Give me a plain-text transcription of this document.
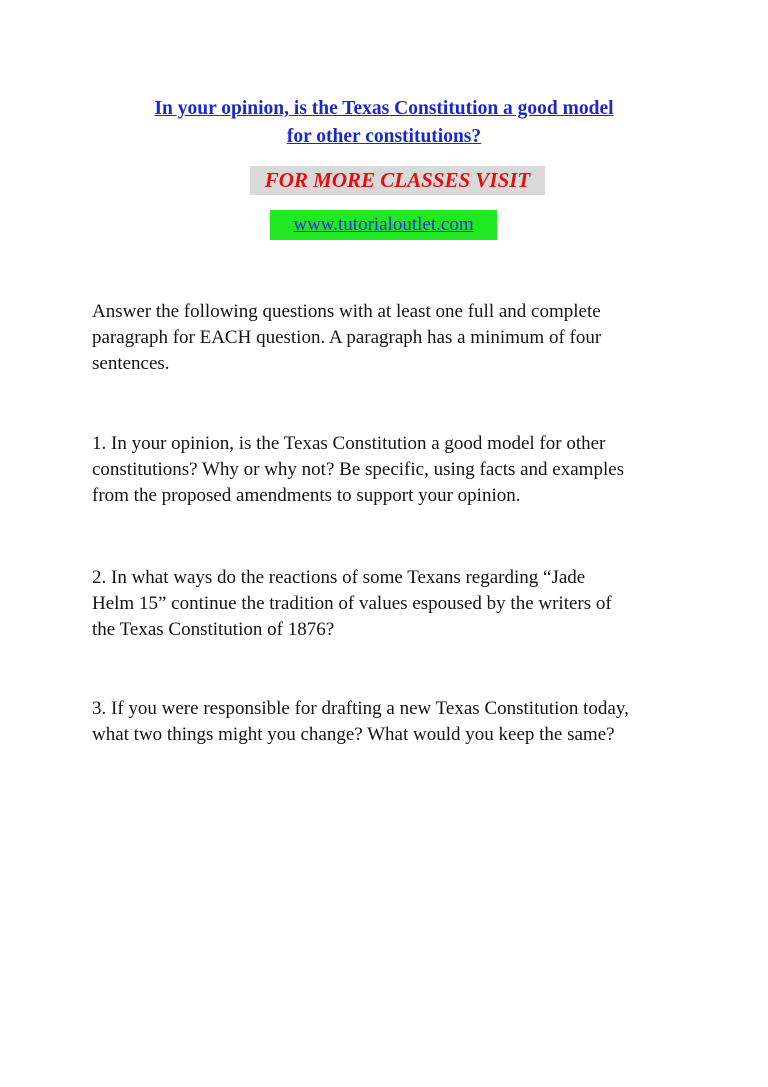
In your opinion, is the Texas Constitution a good model
for other constitutions?
FOR MORE CLASSES VISIT
www.tutorialoutlet.com

Answer the following questions with at least one full and complete
paragraph for EACH question. A paragraph has a minimum of four
sentences.

1. In your opinion, is the Texas Constitution a good model for other
constitutions? Why or why not? Be specific, using facts and examples
from the proposed amendments to support your opinion.

2. In what ways do the reactions of some Texans regarding “Jade
Helm 15” continue the tradition of values espoused by the writers of
the Texas Constitution of 1876?

3. If you were responsible for drafting a new Texas Constitution today,
what two things might you change? What would you keep the same?
